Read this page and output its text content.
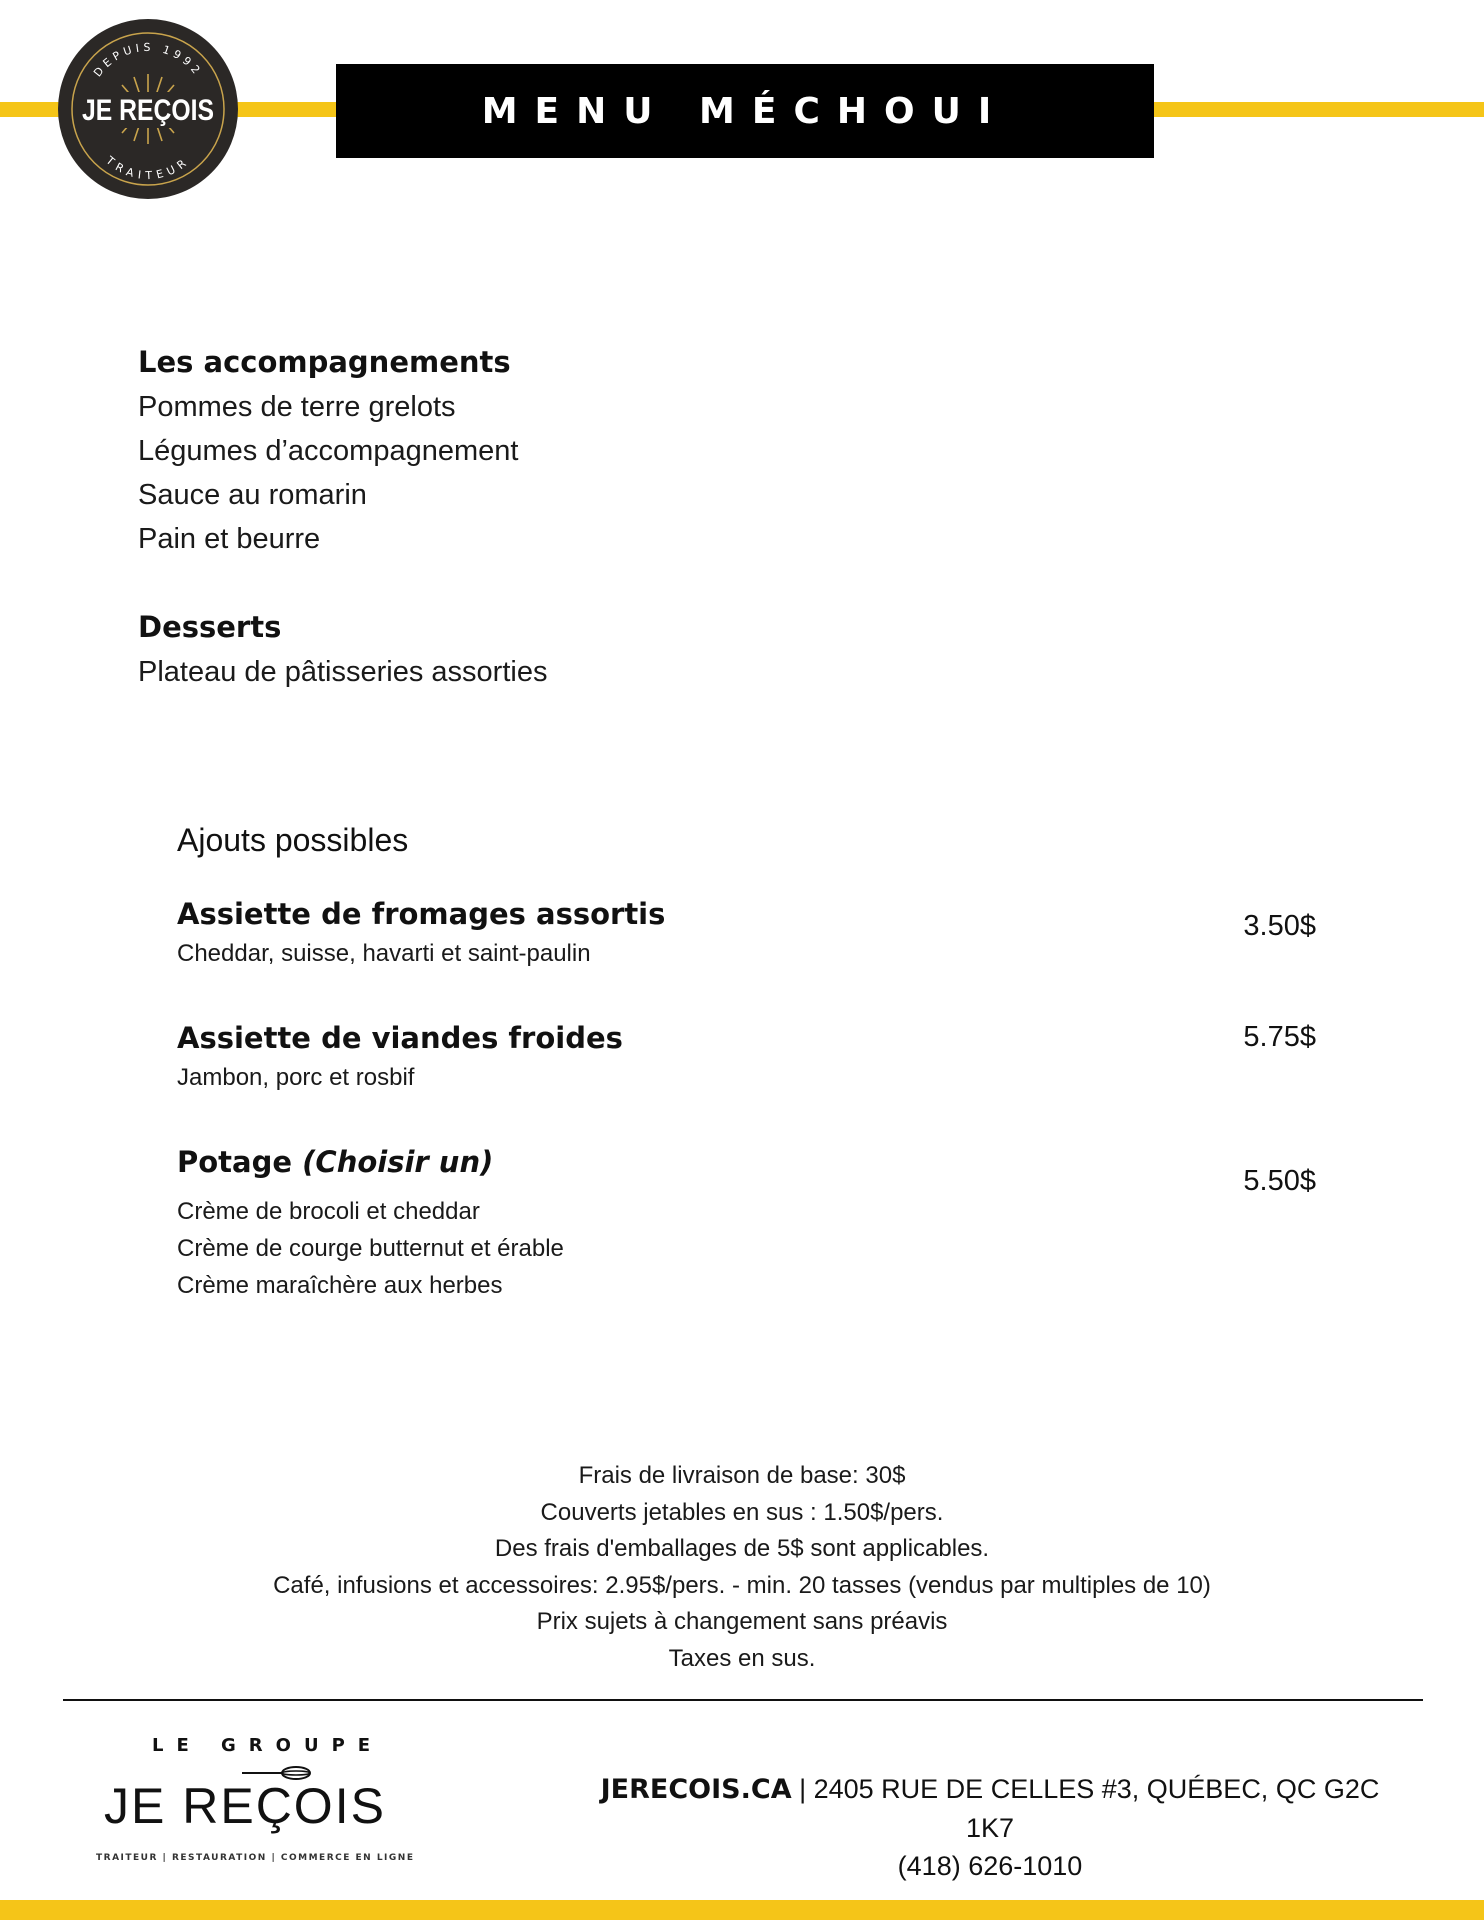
DEPUIS 1992
TRAITEUR
JE REÇOIS	MENU MÉCHOUI
Les accompagnements
Pommes de terre grelots
Légumes d’accompagnement
Sauce au romarin
Pain et beurre
Desserts
Plateau de pâtisseries assorties
Ajouts possibles
Assiette de fromages assortis
Cheddar, suisse, havarti et saint-paulin
3.50$
Assiette de viandes froides
Jambon, porc et rosbif
5.75$
Potage (Choisir un)
Crème de brocoli et cheddar
Crème de courge butternut et érable
Crème maraîchère aux herbes
5.50$
Frais de livraison de base: 30$
Couverts jetables en sus : 1.50$/pers.
Des frais d'emballages de 5$ sont applicables.
Café, infusions et accessoires: 2.95$/pers. - min. 20 tasses (vendus par multiples de 10)
Prix sujets à changement sans préavis
Taxes en sus.
LE GROUPE
JE REÇOIS
TRAITEUR | RESTAURATION | COMMERCE EN LIGNE
JERECOIS.CA | 2405 RUE DE CELLES #3, QUÉBEC, QC G2C 1K7
(418) 626-1010
